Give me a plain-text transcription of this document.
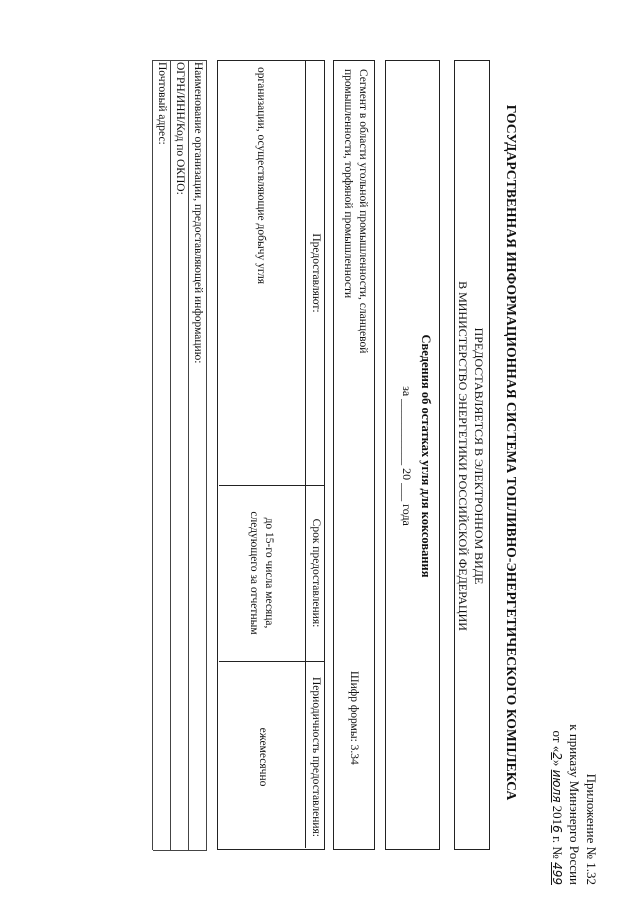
Приложение № 1.32
к приказу Минэнерго России
от «2» июля 2016 г. № 499
ГОСУДАРСТВЕННАЯ ИНФОРМАЦИОННАЯ СИСТЕМА ТОПЛИВНО-ЭНЕРГЕТИЧЕСКОГО КОМПЛЕКСА
ПРЕДОСТАВЛЯЕТСЯ В ЭЛЕКТРОННОМ ВИДЕ
В МИНИСТЕРСТВО ЭНЕРГЕТИКИ РОССИЙСКОЙ ФЕДЕРАЦИИ
Сведения об остатках угля для коксования
за ___________ 20 ___ года
Сегмент в области угольной промышленности, сланцевой
промышленности, торфяной промышленности
Шифр формы: 3.34
Предоставляют:
Срок предоставления:
Периодичность предоставления:
организации, осуществляющие добычу угля
до 15-го числа месяца,
следующего за отчетным
ежемесячно
Наименование организации, предоставляющей информацию:
ОГРН/ИНН/Код по ОКПО:
Почтовый адрес:
